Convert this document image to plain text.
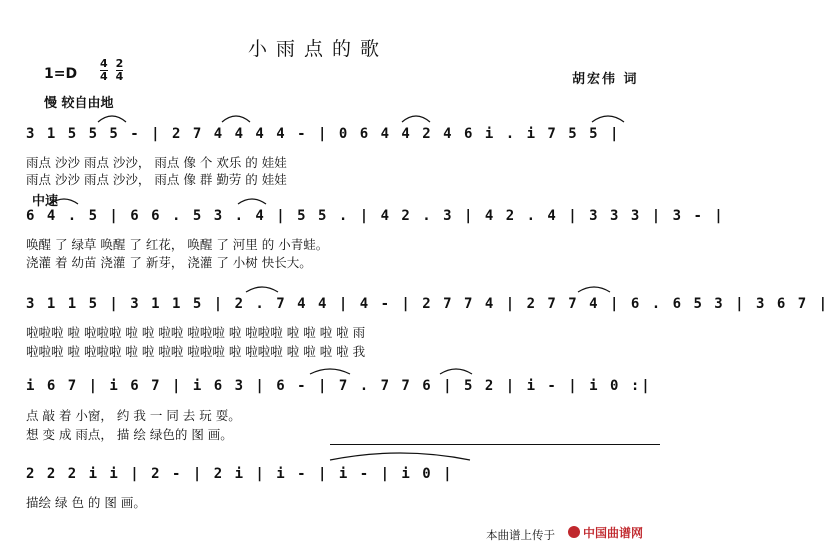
小雨点的歌
$1=D \frac{4}{4} \frac{2}{4}$
慢 较自由地
胡宏伟 词
3 1 5 5 5 - | 2 7 4 4 4 4 - | 0 6 4 4 2 4 6 i . i 7 5 5 |
雨点 沙沙 雨点 沙沙， 雨点 像 个 欢乐 的 娃娃
雨点 沙沙 雨点 沙沙， 雨点 像 群 勤劳 的 娃娃
中速
6 4 . 5 | 6 6 . 5 3 . 4 | 5 5 . | 4 2 . 3 | 4 2 . 4 | 3 3 3 | 3 - |
唤醒 了 绿草 唤醒 了 红花， 唤醒 了 河里 的 小青蛙。
浇灌 着 幼苗 浇灌 了 新芽， 浇灌 了 小树 快长大。
3 1 1 5 | 3 1 1 5 | 2 . 7 4 4 | 4 - | 2 7 7 4 | 2 7 7 4 | 6 . 6 5 3 | 3 6 7 |
啦啦啦 啦 啦啦啦 啦 啦 啦啦 啦啦啦 啦 啦啦啦 啦 啦 啦 啦 雨
啦啦啦 啦 啦啦啦 啦 啦 啦啦 啦啦啦 啦 啦啦啦 啦 啦 啦 啦 我
i 6 7 | i 6 7 | i 6 3 | 6 - | 7 . 7 7 6 | 5 2 | i - | i 0 :|
点 敲 着 小窗， 约 我 一 同 去 玩 耍。
想 变 成 雨点， 描 绘 绿色的 图 画。
2 2 2 i i | 2 - | 2 i | i - | i - | i 0 |
描绘 绿 色 的 图 画。
本曲谱上传于	中国曲谱网
